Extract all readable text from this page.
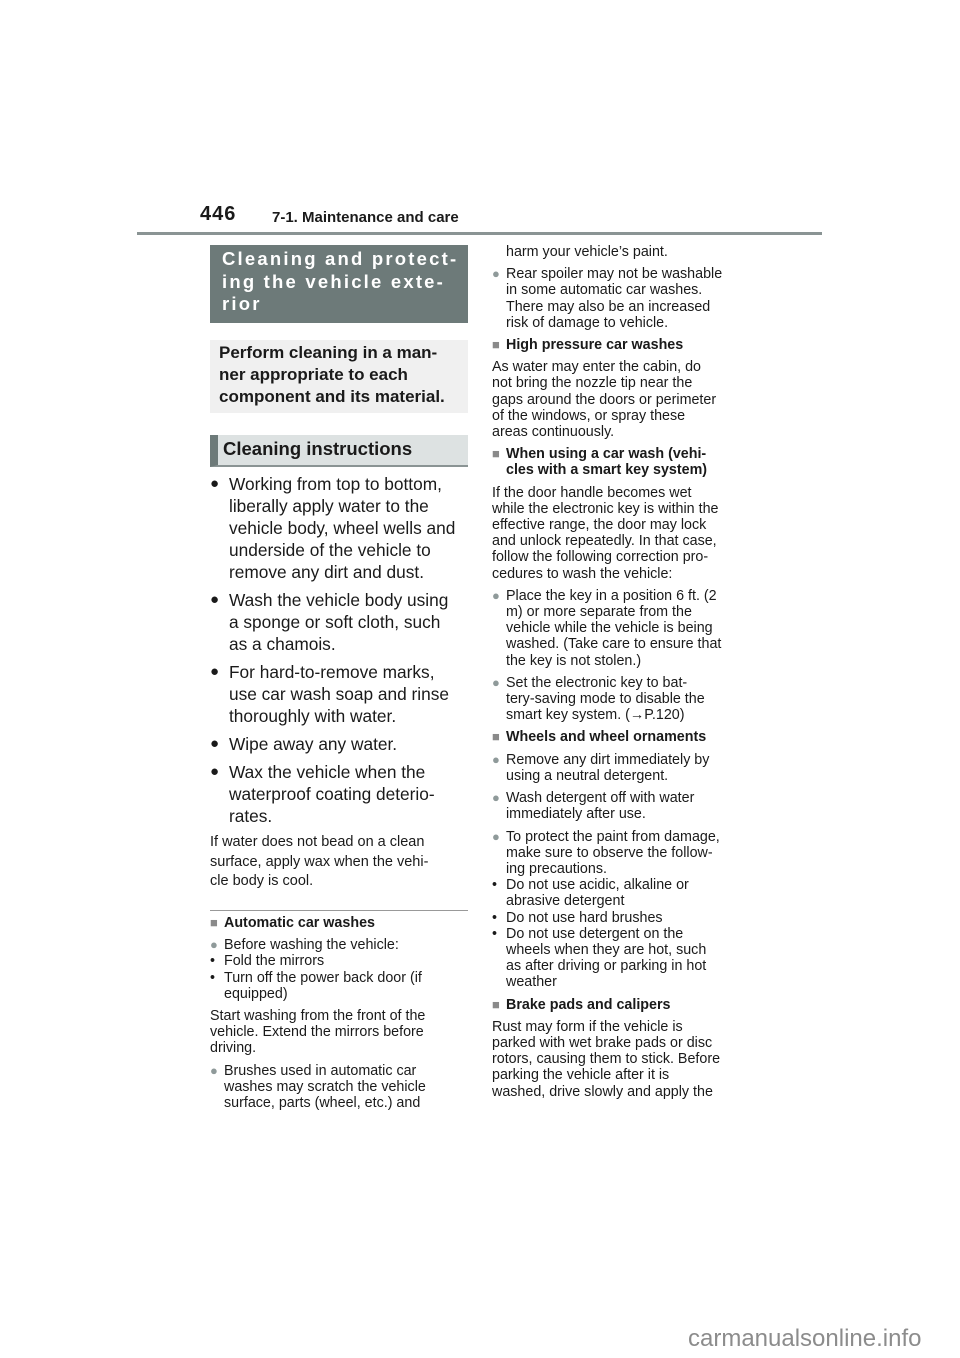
446 7-1. Maintenance and care
Cleaning and protect-
ing the vehicle exte-
rior
Perform cleaning in a man-
ner appropriate to each
component and its material.
Cleaning instructions
● Working from top to bottom,
liberally apply water to the
vehicle body, wheel wells and
underside of the vehicle to
remove any dirt and dust.
● Wash the vehicle body using
a sponge or soft cloth, such
as a chamois.
● For hard-to-remove marks,
use car wash soap and rinse
thoroughly with water.
● Wipe away any water.
● Wax the vehicle when the
waterproof coating deterio-
rates.
If water does not bead on a clean
surface, apply wax when the vehi-
cle body is cool.
■ Automatic car washes
● Before washing the vehicle:
• Fold the mirrors
• Turn off the power back door (if
equipped)
Start washing from the front of the
vehicle. Extend the mirrors before
driving.
● Brushes used in automatic car
washes may scratch the vehicle
surface, parts (wheel, etc.) and
harm your vehicle’s paint.
● Rear spoiler may not be washable
in some automatic car washes.
There may also be an increased
risk of damage to vehicle.
■ High pressure car washes
As water may enter the cabin, do
not bring the nozzle tip near the
gaps around the doors or perimeter
of the windows, or spray these
areas continuously.
■ When using a car wash (vehi-
cles with a smart key system)
If the door handle becomes wet
while the electronic key is within the
effective range, the door may lock
and unlock repeatedly. In that case,
follow the following correction pro-
cedures to wash the vehicle:
● Place the key in a position 6 ft. (2
m) or more separate from the
vehicle while the vehicle is being
washed. (Take care to ensure that
the key is not stolen.)
● Set the electronic key to bat-
tery-saving mode to disable the
smart key system. (→P.120)
■ Wheels and wheel ornaments
● Remove any dirt immediately by
using a neutral detergent.
● Wash detergent off with water
immediately after use.
● To protect the paint from damage,
make sure to observe the follow-
ing precautions.
• Do not use acidic, alkaline or
abrasive detergent
• Do not use hard brushes
• Do not use detergent on the
wheels when they are hot, such
as after driving or parking in hot
weather
■ Brake pads and calipers
Rust may form if the vehicle is
parked with wet brake pads or disc
rotors, causing them to stick. Before
parking the vehicle after it is
washed, drive slowly and apply the
carmanualsonline.info
